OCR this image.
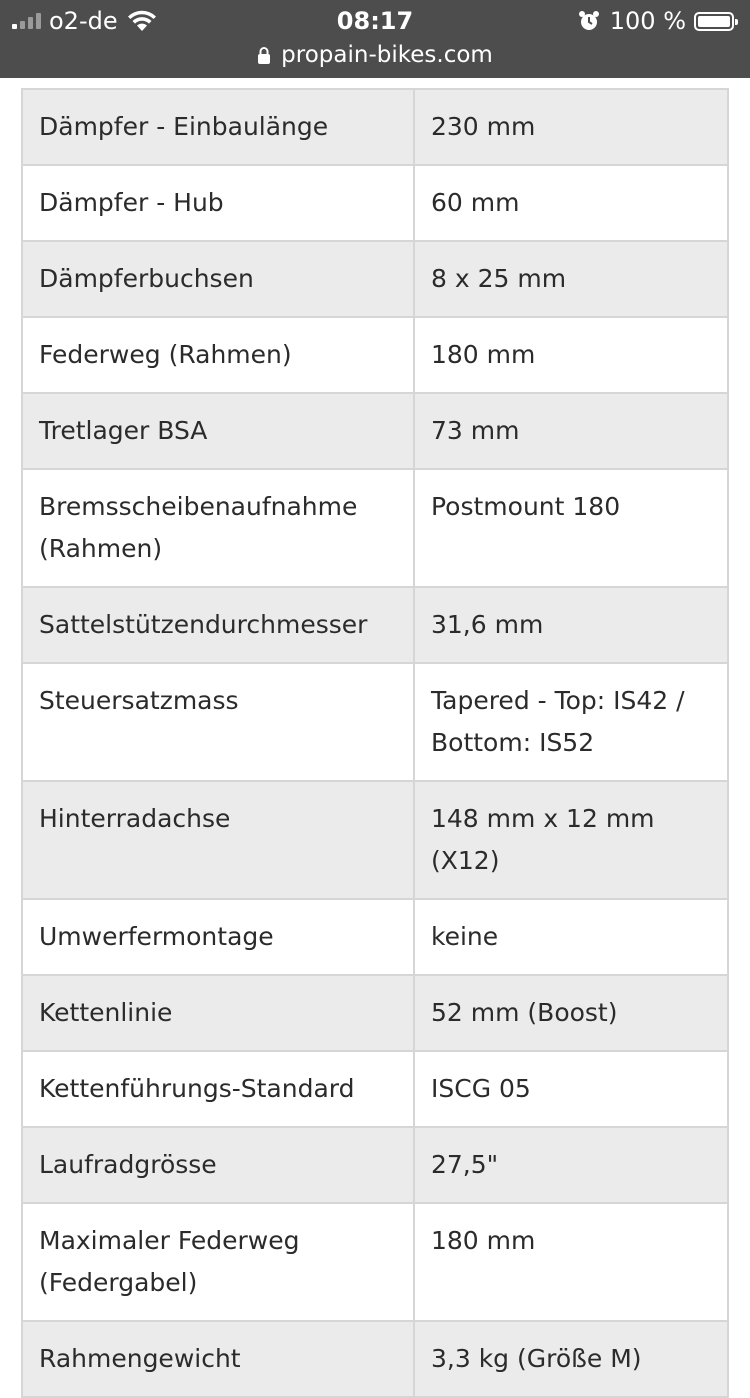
o2-de	08:17	100 %
propain-bikes.com
Dämpfer - Einbaulänge	230 mm
Dämpfer - Hub	60 mm
Dämpferbuchsen	8 x 25 mm
Federweg (Rahmen)	180 mm
Tretlager BSA	73 mm
Bremsscheibenaufnahme (Rahmen)	Postmount 180
Sattelstützendurchmesser	31,6 mm
Steuersatzmass	Tapered - Top: IS42 / Bottom: IS52
Hinterradachse	148 mm x 12 mm (X12)
Umwerfermontage	keine
Kettenlinie	52 mm (Boost)
Kettenführungs-Standard	ISCG 05
Laufradgrösse	27,5"
Maximaler Federweg (Federgabel)	180 mm
Rahmengewicht	3,3 kg (Größe M)
